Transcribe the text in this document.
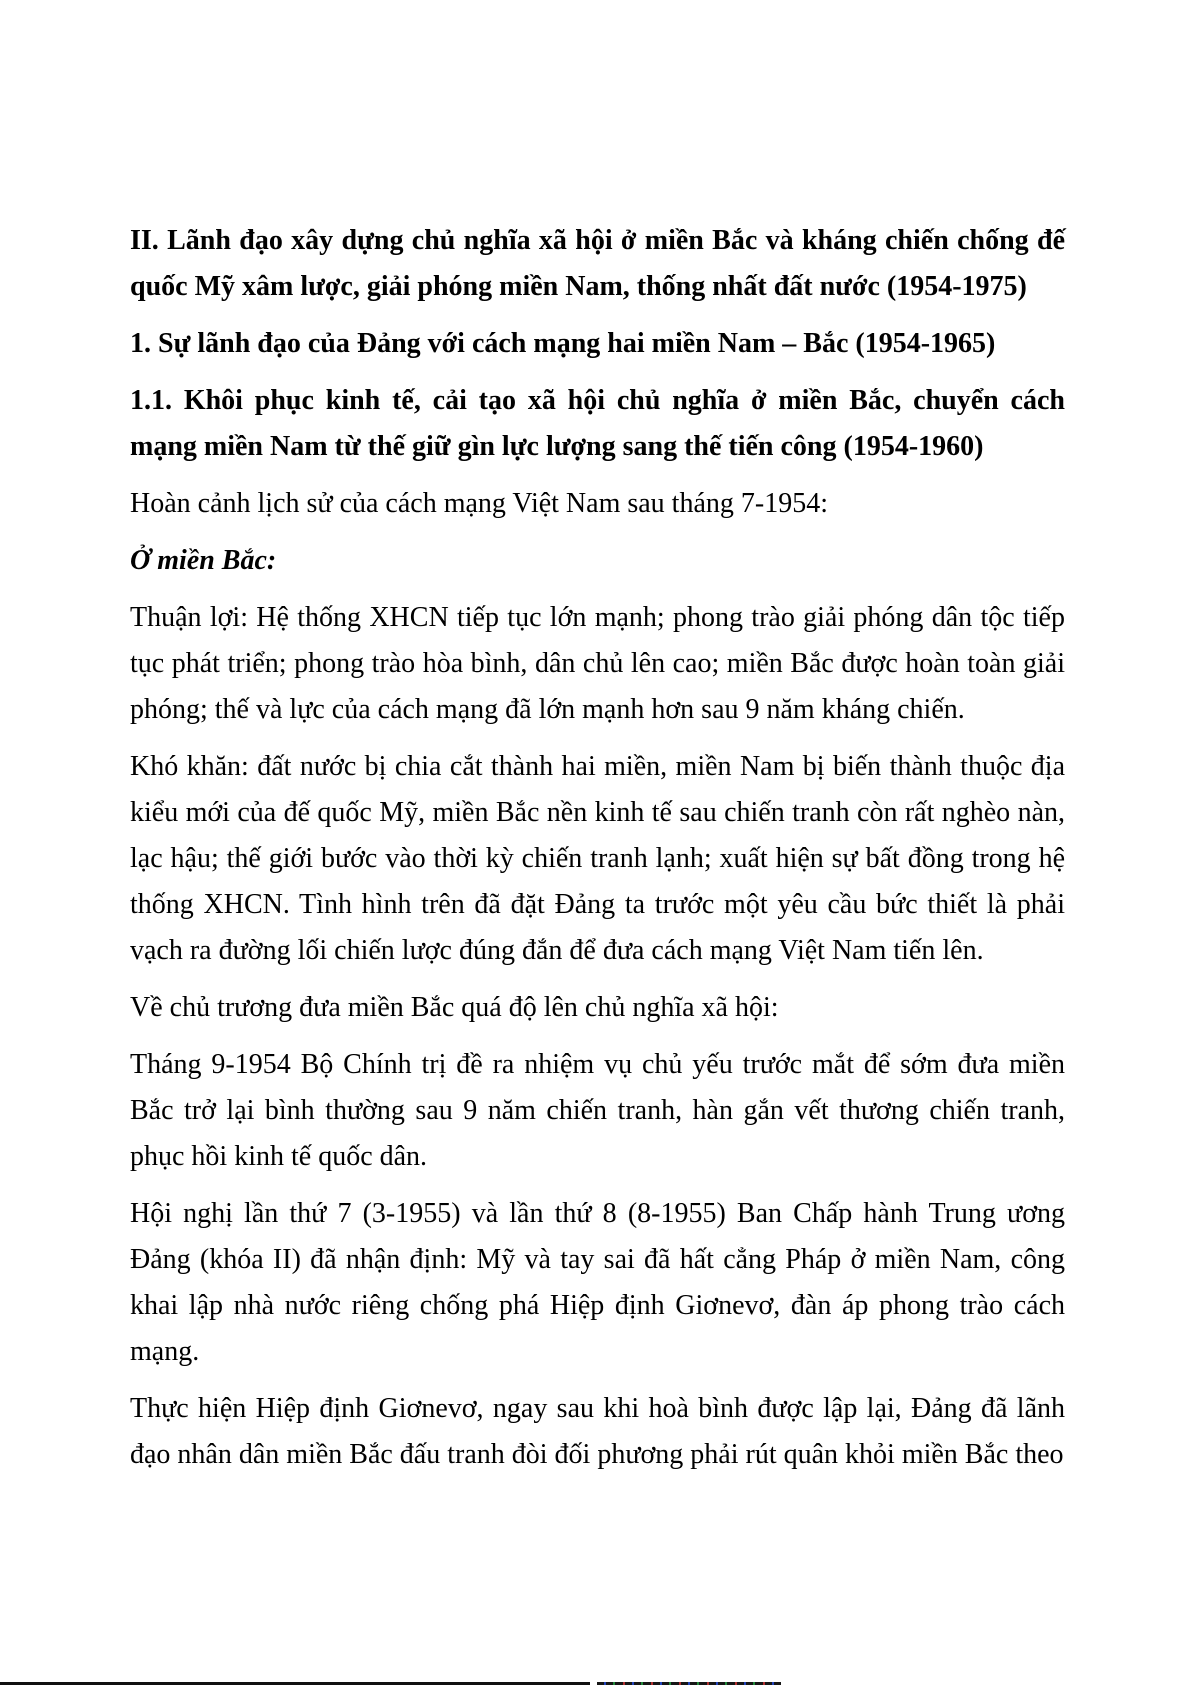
II. Lãnh đạo xây dựng chủ nghĩa xã hội ở miền Bắc và kháng chiến chống đế quốc Mỹ xâm lược, giải phóng miền Nam, thống nhất đất nước (1954-1975)

1. Sự lãnh đạo của Đảng với cách mạng hai miền Nam – Bắc (1954-1965)

1.1. Khôi phục kinh tế, cải tạo xã hội chủ nghĩa ở miền Bắc, chuyển cách mạng miền Nam từ thế giữ gìn lực lượng sang thế tiến công (1954-1960)

Hoàn cảnh lịch sử của cách mạng Việt Nam sau tháng 7-1954:

Ở miền Bắc:

Thuận lợi: Hệ thống XHCN tiếp tục lớn mạnh; phong trào giải phóng dân tộc tiếp tục phát triển; phong trào hòa bình, dân chủ lên cao; miền Bắc được hoàn toàn giải phóng; thế và lực của cách mạng đã lớn mạnh hơn sau 9 năm kháng chiến.

Khó khăn: đất nước bị chia cắt thành hai miền, miền Nam bị biến thành thuộc địa kiểu mới của đế quốc Mỹ, miền Bắc nền kinh tế sau chiến tranh còn rất nghèo nàn, lạc hậu; thế giới bước vào thời kỳ chiến tranh lạnh; xuất hiện sự bất đồng trong hệ thống XHCN. Tình hình trên đã đặt Đảng ta trước một yêu cầu bức thiết là phải vạch ra đường lối chiến lược đúng đắn để đưa cách mạng Việt Nam tiến lên.

Về chủ trương đưa miền Bắc quá độ lên chủ nghĩa xã hội:

Tháng 9-1954 Bộ Chính trị đề ra nhiệm vụ chủ yếu trước mắt để sớm đưa miền Bắc trở lại bình thường sau 9 năm chiến tranh, hàn gắn vết thương chiến tranh, phục hồi kinh tế quốc dân.

Hội nghị lần thứ 7 (3-1955) và lần thứ 8 (8-1955) Ban Chấp hành Trung ương Đảng (khóa II) đã nhận định: Mỹ và tay sai đã hất cẳng Pháp ở miền Nam, công khai lập nhà nước riêng chống phá Hiệp định Giơnevơ, đàn áp phong trào cách mạng.

Thực hiện Hiệp định Giơnevơ, ngay sau khi hoà bình được lập lại, Đảng đã lãnh đạo nhân dân miền Bắc đấu tranh đòi đối phương phải rút quân khỏi miền Bắc theo
